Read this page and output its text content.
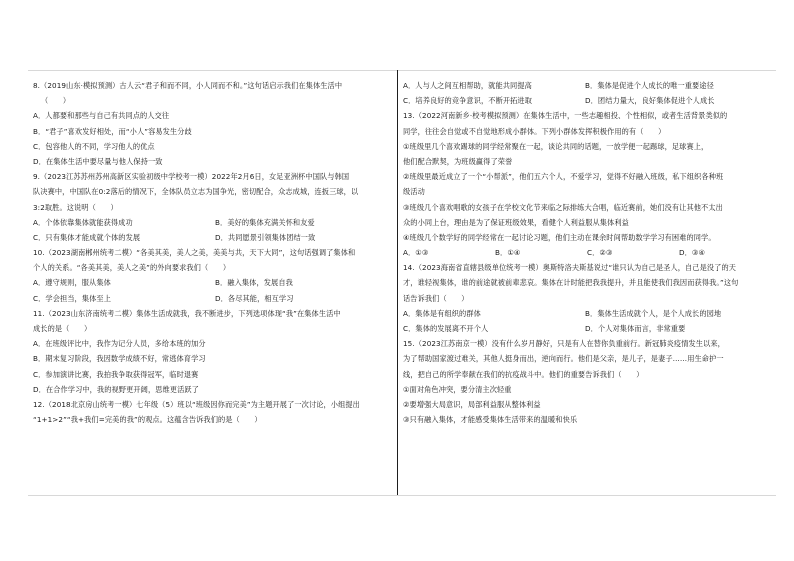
8.（2019山东·模拟预测）古人云“君子和而不同，小人同而不和。”这句话启示我们在集体生活中
（　　）
A．人都要和那些与自己有共同点的人交往
B．“君子”喜欢发好相处，而“小人”容易发生分歧
C．包容他人的不同，学习他人的优点
D．在集体生活中要尽量与他人保持一致
9.（2023江苏苏州苏州高新区实验初级中学校考一模）2022年2月6日，女足亚洲杯中国队与韩国
队决赛中，中国队在0:2落后的情况下，全体队员立志为国争光，密切配合，众志成城，连扳三球，以
3:2取胜。这说明（　　）
A．个体依靠集体就能获得成功	B．美好的集体充满关怀和友爱
C．只有集体才能成就个体的发展	D．共同愿景引领集体团结一致
10.（2023湖南郴州统考二模）“各美其美，美人之美，美美与共，天下大同”，这句话强调了集体和
个人的关系。“各美其美，美人之美”的外向要求我们（　　）
A．遵守规则，服从集体	B．融入集体，发展自我
C．学会担当，集体至上	D．各尽其能，相互学习
11.（2023山东济南统考二模）集体生活成就我，我不断进步，下列选项体现“我”在集体生活中
成长的是（　　）
A．在班级评比中，我作为记分人员，多给本班的加分
B．期末复习阶段，我因数学成绩不好，常逃体育学习
C．参加演讲比赛，我拍我争取获得冠军，临时退赛
D．在合作学习中，我的视野更开阔，思维更活跃了
12.（2018北京房山统考一模）七年级（5）班以“班级因你而完美”为主题开展了一次讨论，小组提出
“1+1>2”“我+我们=完美的我”的观点。这蕴含告诉我们的是（　　）
A．人与人之间互相帮助，就能共同提高	B．集体是促进个人成长的唯一重要途径
C．培养良好的竞争意识，不断开拓进取	D．团结力量大，良好集体促进个人成长
13.（2022河南新乡·校考模拟预测）在集体生活中，一些志趣相投、个性相似，或者生活背景类似的
同学，往往会自觉或不自觉地形成小群体。下列小群体发挥积极作用的有（　　）
①班级里几个喜欢踢球的同学经常聚在一起，谈论共同的话题，一放学便一起踢球，足球赛上，
他们配合默契，为班级赢得了荣誉
②班级里最近成立了一个“小帮派”，他们五六个人，不爱学习，觉得不好融入班级，私下组织各种班
级活动
③班级几个喜欢唱歌的女孩子在学校文化节来临之际排练大合唱，临近赛前，她们没有让其他不太出
众的小同上台，理由是为了保证班级效果，看健个人利益服从集体利益
④班级几个数学好的同学经常在一起讨论习题，他们主动在课余时间帮助数学学习有困难的同学。
A．①③	B．①④	C．②③	D．③④
14.（2023海南省直辖县级单位统考一模）奥斯特洛夫斯基说过“谁只认为自己是圣人，自己是没了的天
才，谁轻视集体，谁的前途就被前辈悲哀。集体在计时能把我我提升，并且能使我们我因而获得我。”这句
话告诉我们（　　）
A．集体是有组织的群体	B．集体生活成就个人，是个人成长的园地
C．集体的发展离不开个人	D．个人对集体而言，非常重要
15.（2023江苏南京一模）没有什么岁月静好，只是有人在替你负重前行。新冠肺炎疫情发生以来，
为了帮助国家渡过难关，其他人挺身而出，逆向而行。他们是父亲，是儿子，是妻子……用生命护一
线，把自己的所学奉献在我们的抗疫战斗中。他们的重要告诉我们（　　）
①面对角色冲突，要分清主次轻重
②要增强大局意识，局部利益服从整体利益
③只有融入集体，才能感受集体生活带来的温暖和快乐
